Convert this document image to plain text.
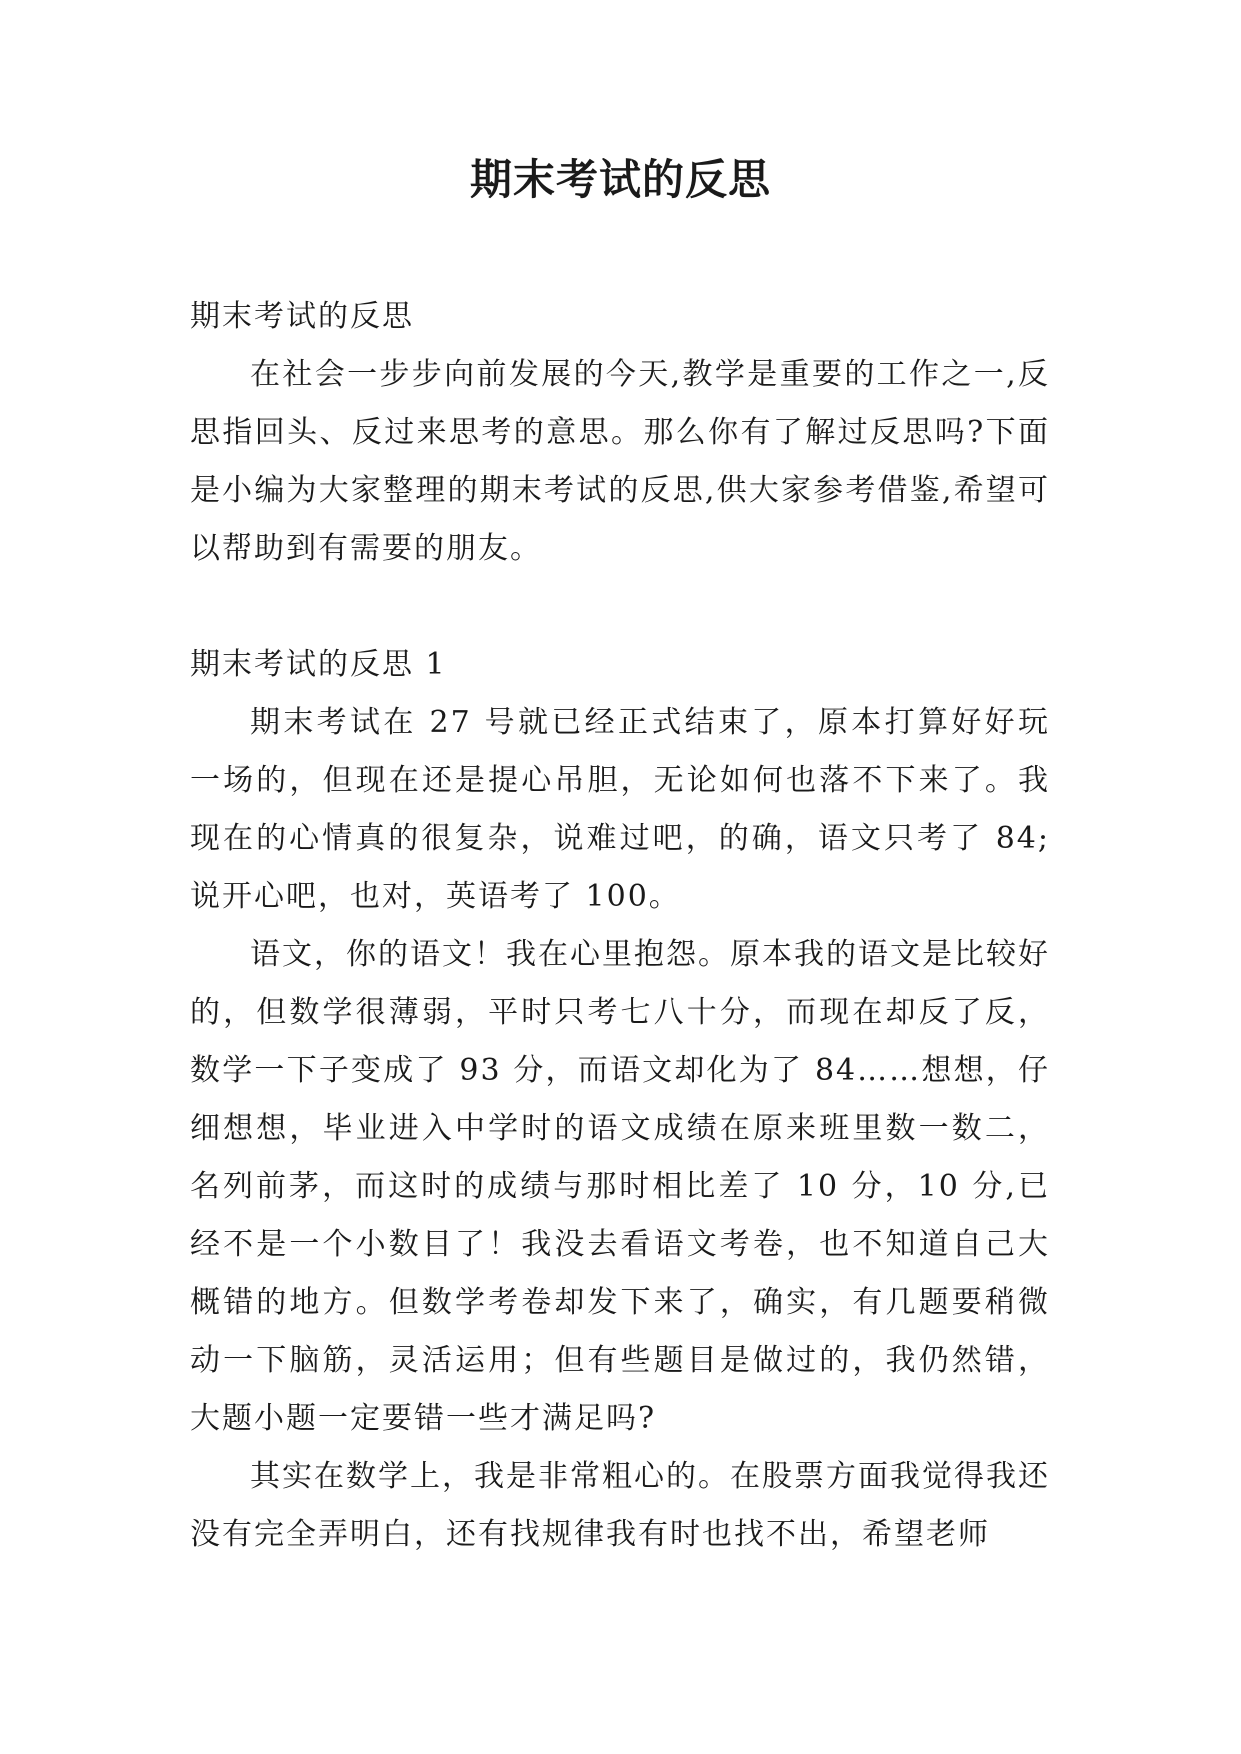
期末考试的反思

期末考试的反思

在社会一步步向前发展的今天,教学是重要的工作之一,反思指回头、反过来思考的意思。那么你有了解过反思吗?下面是小编为大家整理的期末考试的反思,供大家参考借鉴,希望可以帮助到有需要的朋友。

期末考试的反思 1

期末考试在 27 号就已经正式结束了，原本打算好好玩一场的，但现在还是提心吊胆，无论如何也落不下来了。我现在的心情真的很复杂，说难过吧，的确，语文只考了 84;说开心吧，也对，英语考了 100。

语文，你的语文！我在心里抱怨。原本我的语文是比较好的，但数学很薄弱，平时只考七八十分，而现在却反了反，数学一下子变成了 93 分，而语文却化为了 84……想想，仔细想想，毕业进入中学时的语文成绩在原来班里数一数二，名列前茅，而这时的成绩与那时相比差了 10 分，10 分,已经不是一个小数目了！我没去看语文考卷，也不知道自己大概错的地方。但数学考卷却发下来了，确实，有几题要稍微动一下脑筋，灵活运用；但有些题目是做过的，我仍然错，大题小题一定要错一些才满足吗?

其实在数学上，我是非常粗心的。在股票方面我觉得我还没有完全弄明白，还有找规律我有时也找不出，希望老师
